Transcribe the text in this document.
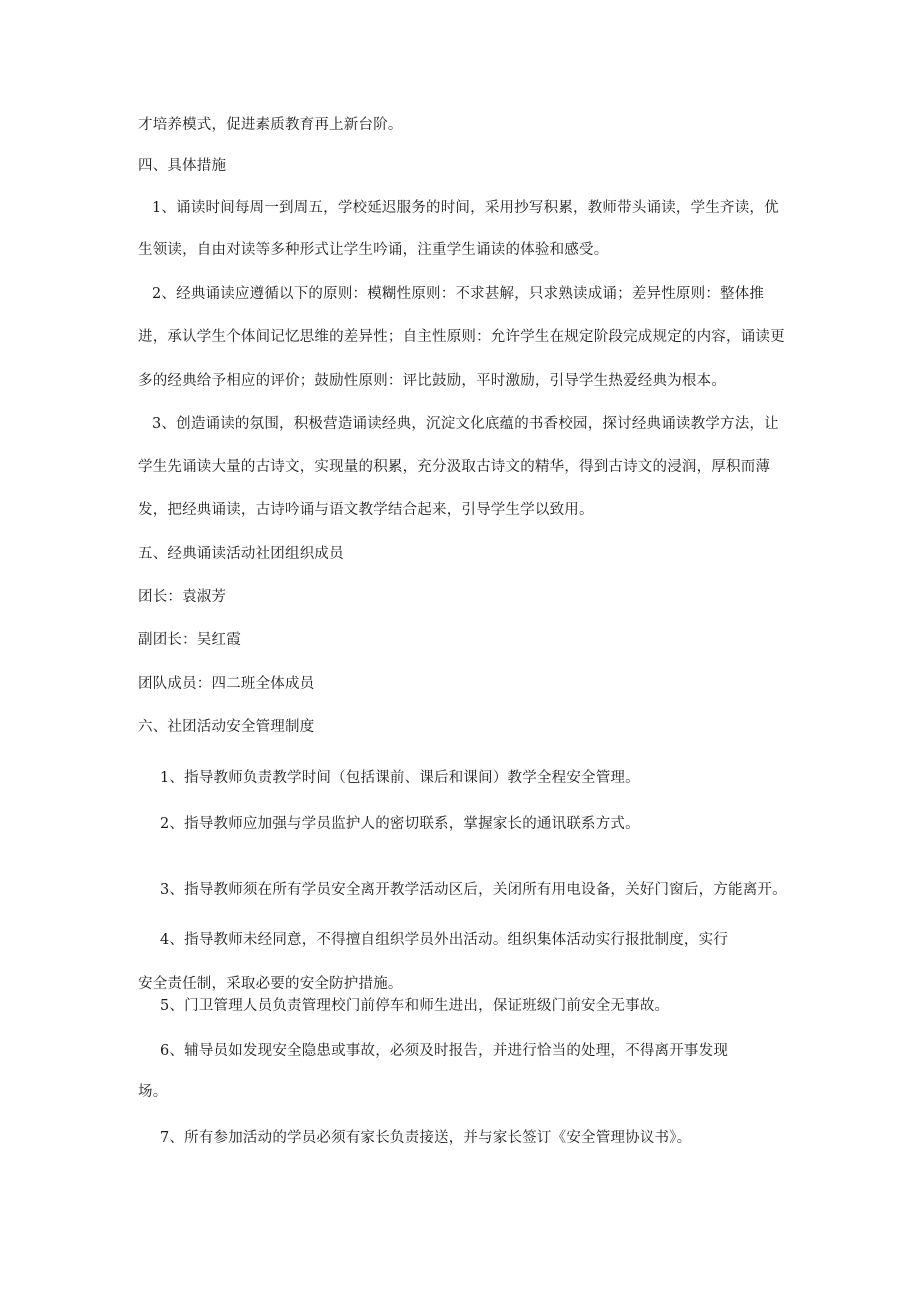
才培养模式，促进素质教育再上新台阶。
四、具体措施
1、诵读时间每周一到周五，学校延迟服务的时间，采用抄写积累，教师带头诵读，学生齐读，优
生领读，自由对读等多种形式让学生吟诵，注重学生诵读的体验和感受。
2、经典诵读应遵循以下的原则：模糊性原则：不求甚解，只求熟读成诵；差异性原则：整体推
进，承认学生个体间记忆思维的差异性；自主性原则：允许学生在规定阶段完成规定的内容，诵读更
多的经典给予相应的评价；鼓励性原则：评比鼓励，平时激励，引导学生热爱经典为根本。
3、创造诵读的氛围，积极营造诵读经典，沉淀文化底蕴的书香校园，探讨经典诵读教学方法，让
学生先诵读大量的古诗文，实现量的积累，充分汲取古诗文的精华，得到古诗文的浸润，厚积而薄
发，把经典诵读，古诗吟诵与语文教学结合起来，引导学生学以致用。
五、经典诵读活动社团组织成员
团长：袁淑芳
副团长：吴红霞
团队成员：四二班全体成员
六、社团活动安全管理制度
1、指导教师负责教学时间（包括课前、课后和课间）教学全程安全管理。
2、指导教师应加强与学员监护人的密切联系，掌握家长的通讯联系方式。
3、指导教师须在所有学员安全离开教学活动区后，关闭所有用电设备，关好门窗后，方能离开。
4、指导教师未经同意，不得擅自组织学员外出活动。组织集体活动实行报批制度，实行
安全责任制，采取必要的安全防护措施。
5、门卫管理人员负责管理校门前停车和师生进出，保证班级门前安全无事故。
6、辅导员如发现安全隐患或事故，必须及时报告，并进行恰当的处理，不得离开事发现
场。
7、所有参加活动的学员必须有家长负责接送，并与家长签订《安全管理协议书》。
